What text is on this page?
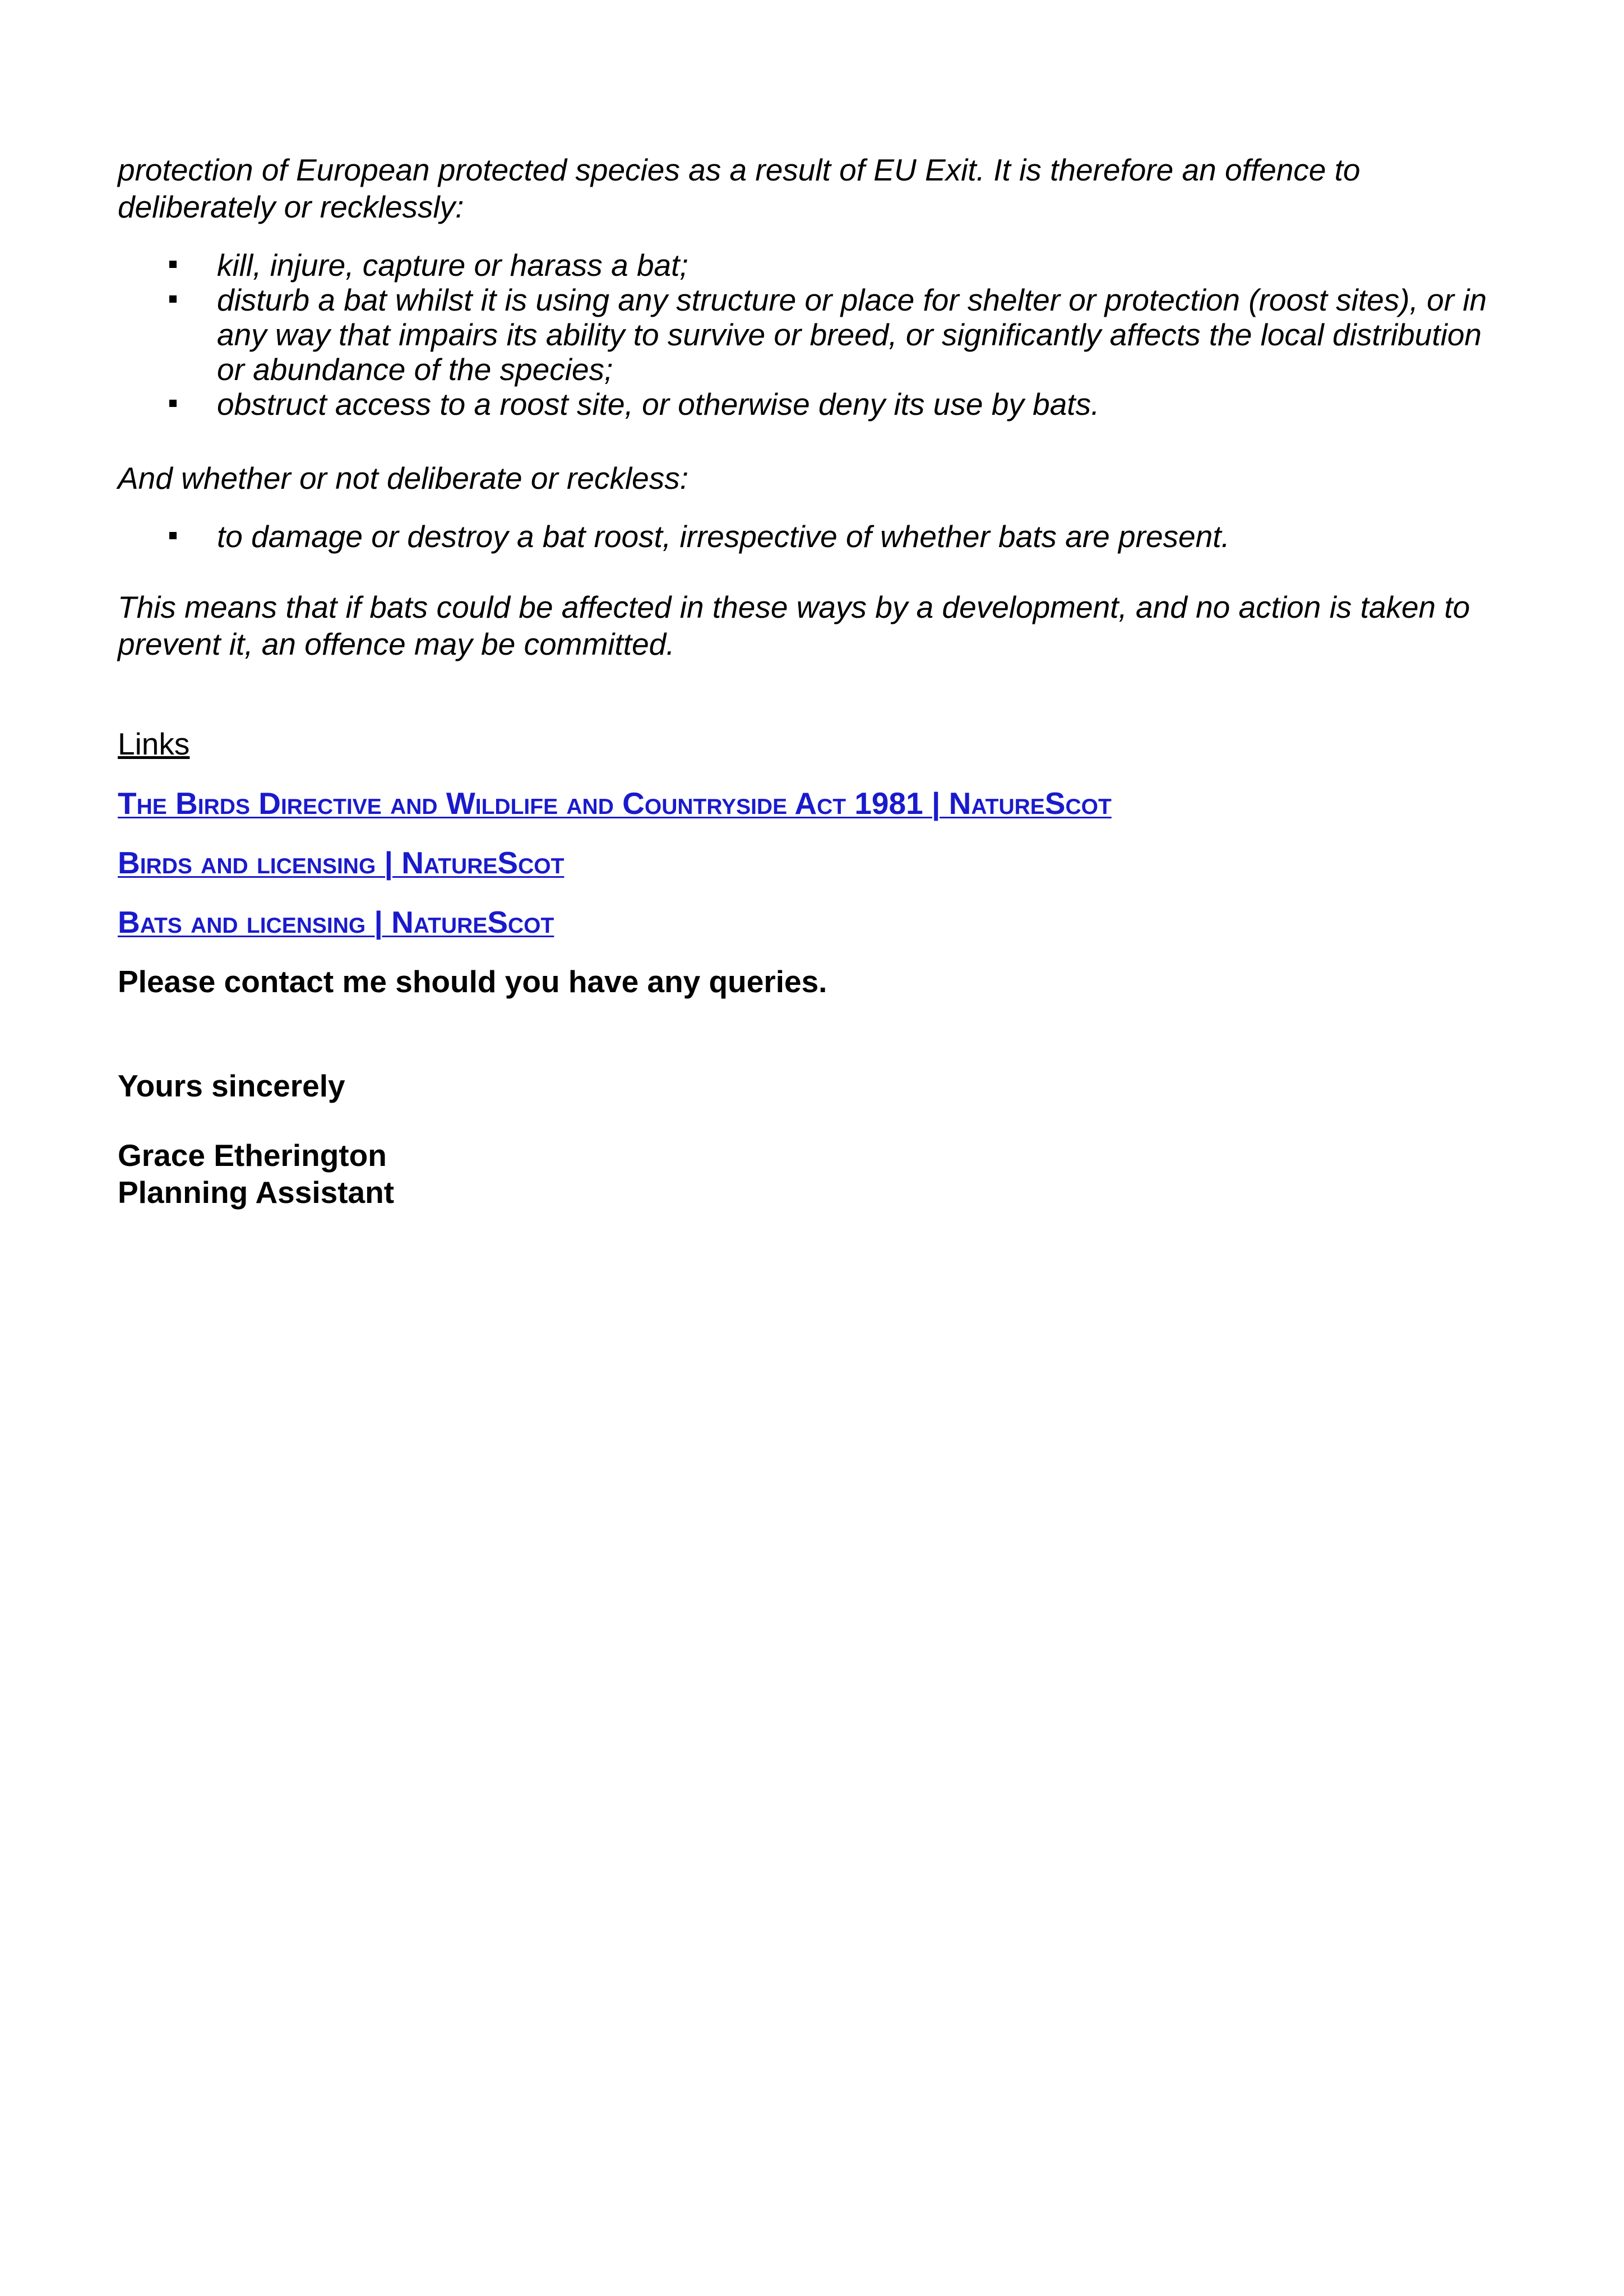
protection of European protected species as a result of EU Exit. It is therefore an offence to deliberately or recklessly:

kill, injure, capture or harass a bat;
disturb a bat whilst it is using any structure or place for shelter or protection (roost sites), or in any way that impairs its ability to survive or breed, or significantly affects the local distribution or abundance of the species;
obstruct access to a roost site, or otherwise deny its use by bats.

And whether or not deliberate or reckless:

to damage or destroy a bat roost, irrespective of whether bats are present.

This means that if bats could be affected in these ways by a development, and no action is taken to prevent it, an offence may be committed.

Links

The Birds Directive and Wildlife and Countryside Act 1981 | NatureScot
Birds and licensing | NatureScot
Bats and licensing | NatureScot

Please contact me should you have any queries.

Yours sincerely

Grace Etherington

Planning Assistant
